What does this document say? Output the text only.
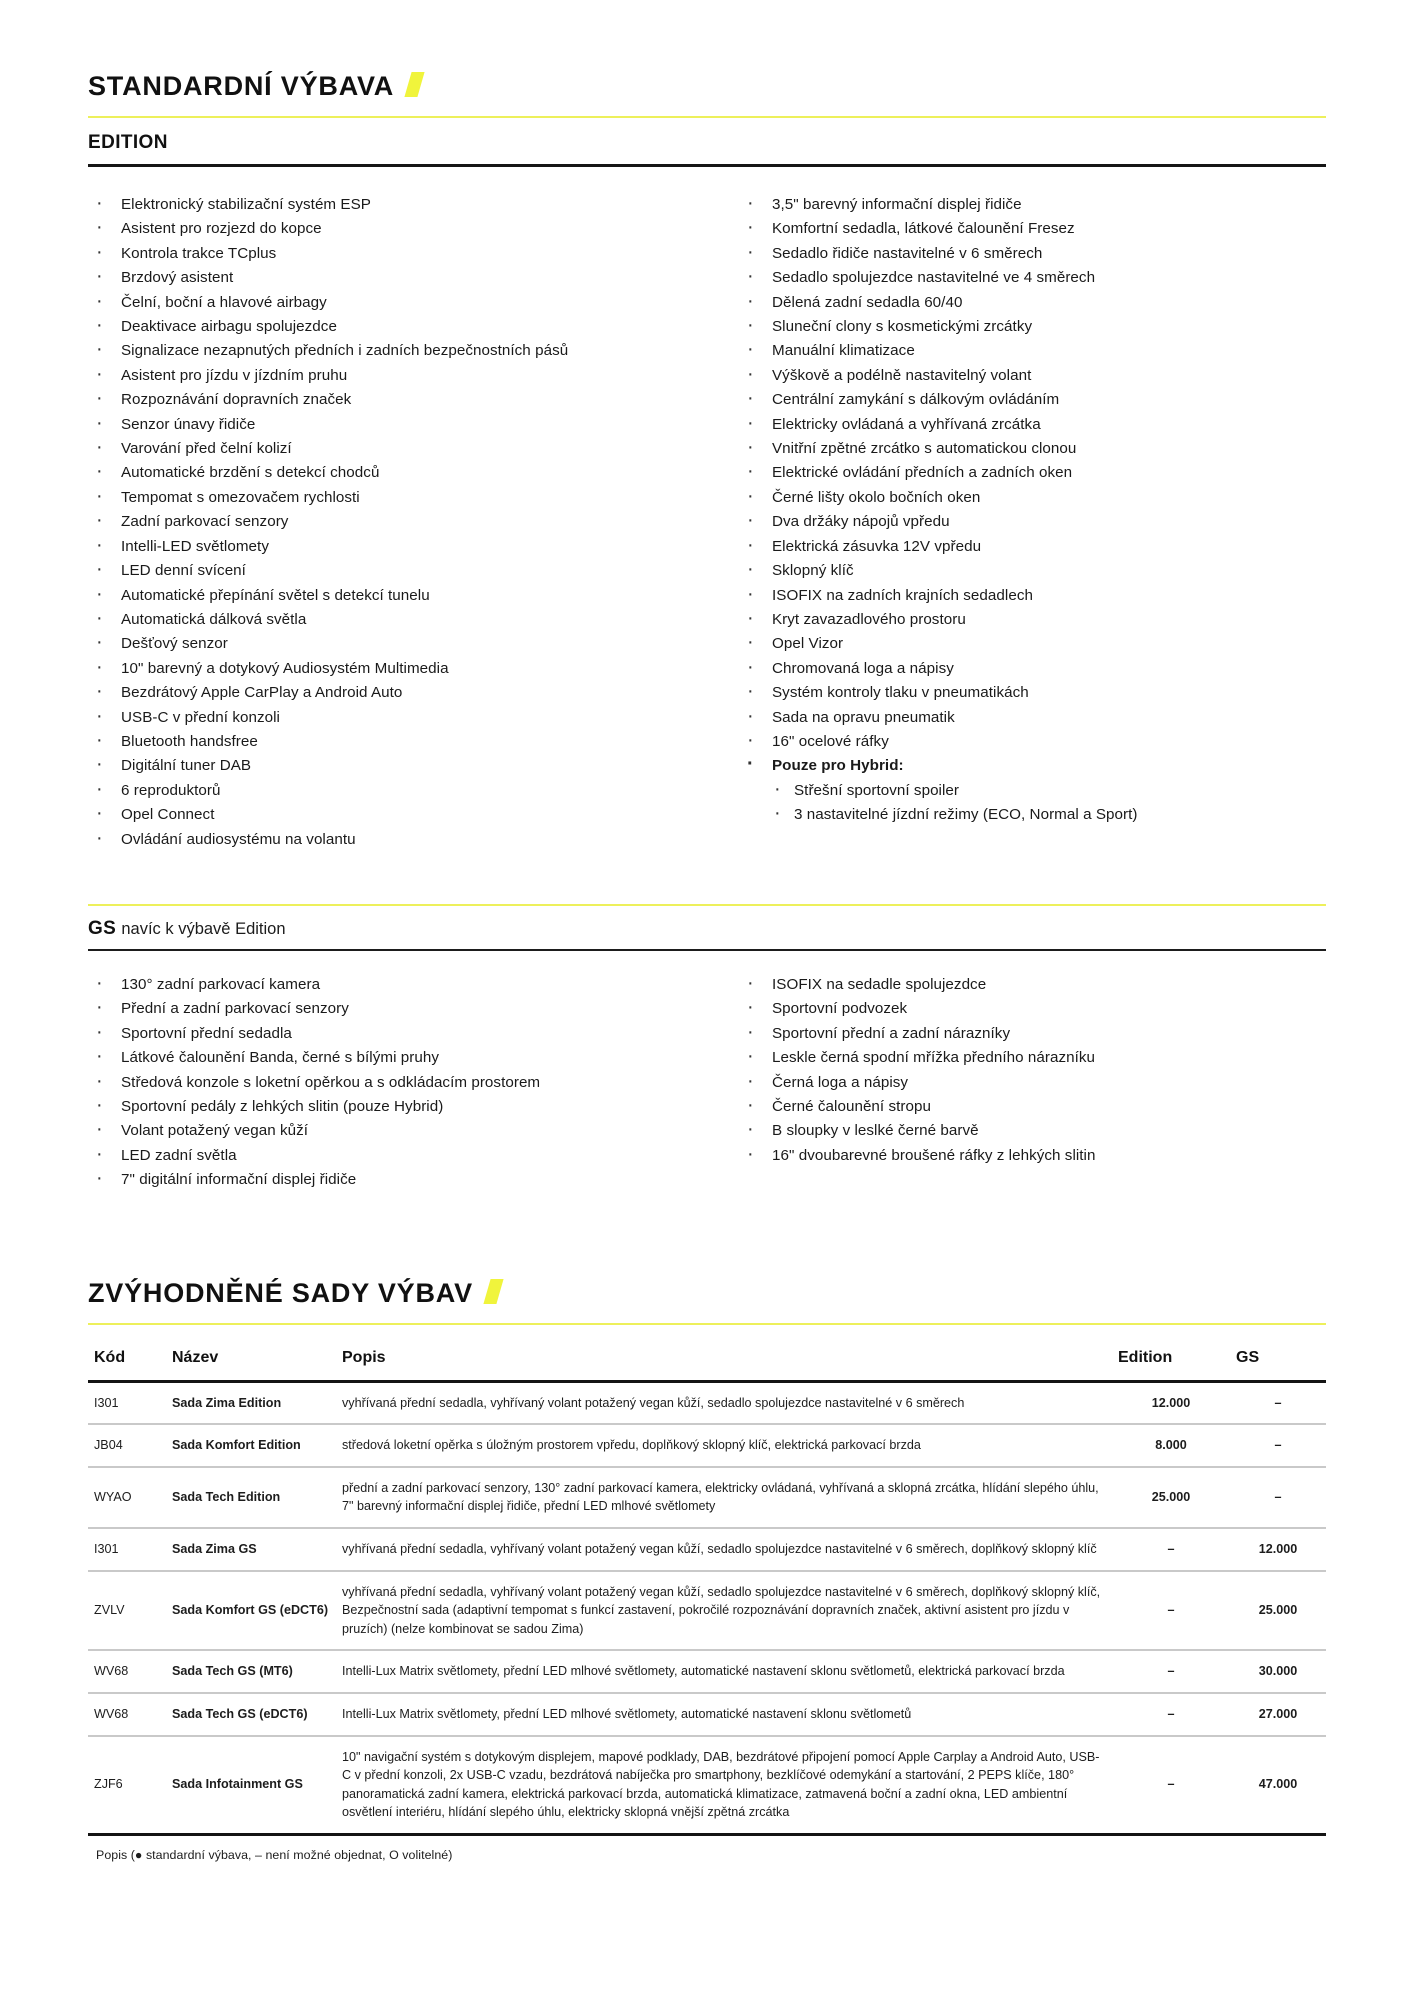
STANDARDNÍ VÝBAVA
EDITION
· Elektronický stabilizační systém ESP
· Asistent pro rozjezd do kopce
· Kontrola trakce TCplus
· Brzdový asistent
· Čelní, boční a hlavové airbagy
· Deaktivace airbagu spolujezdce
· Signalizace nezapnutých předních i zadních bezpečnostních pásů
· Asistent pro jízdu v jízdním pruhu
· Rozpoznávání dopravních značek
· Senzor únavy řidiče
· Varování před čelní kolizí
· Automatické brzdění s detekcí chodců
· Tempomat s omezovačem rychlosti
· Zadní parkovací senzory
· Intelli-LED světlomety
· LED denní svícení
· Automatické přepínání světel s detekcí tunelu
· Automatická dálková světla
· Dešťový senzor
· 10" barevný a dotykový Audiosystém Multimedia
· Bezdrátový Apple CarPlay a Android Auto
· USB-C v přední konzoli
· Bluetooth handsfree
· Digitální tuner DAB
· 6 reproduktorů
· Opel Connect
· Ovládání audiosystému na volantu
· 3,5" barevný informační displej řidiče
· Komfortní sedadla, látkové čalounění Fresez
· Sedadlo řidiče nastavitelné v 6 směrech
· Sedadlo spolujezdce nastavitelné ve 4 směrech
· Dělená zadní sedadla 60/40
· Sluneční clony s kosmetickými zrcátky
· Manuální klimatizace
· Výškově a podélně nastavitelný volant
· Centrální zamykání s dálkovým ovládáním
· Elektricky ovládaná a vyhřívaná zrcátka
· Vnitřní zpětné zrcátko s automatickou clonou
· Elektrické ovládání předních a zadních oken
· Černé lišty okolo bočních oken
· Dva držáky nápojů vpředu
· Elektrická zásuvka 12V vpředu
· Sklopný klíč
· ISOFIX na zadních krajních sedadlech
· Kryt zavazadlového prostoru
· Opel Vizor
· Chromovaná loga a nápisy
· Systém kontroly tlaku v pneumatikách
· Sada na opravu pneumatik
· 16" ocelové ráfky
· Pouze pro Hybrid:
· Střešní sportovní spoiler
· 3 nastavitelné jízdní režimy (ECO, Normal a Sport)
GS navíc k výbavě Edition
· 130° zadní parkovací kamera
· Přední a zadní parkovací senzory
· Sportovní přední sedadla
· Látkové čalounění Banda, černé s bílými pruhy
· Středová konzole s loketní opěrkou a s odkládacím prostorem
· Sportovní pedály z lehkých slitin (pouze Hybrid)
· Volant potažený vegan kůží
· LED zadní světla
· 7" digitální informační displej řidiče
· ISOFIX na sedadle spolujezdce
· Sportovní podvozek
· Sportovní přední a zadní nárazníky
· Leskle černá spodní mřížka předního nárazníku
· Černá loga a nápisy
· Černé čalounění stropu
· B sloupky v leslké černé barvě
· 16" dvoubarevné broušené ráfky z lehkých slitin
ZVÝHODNĚNÉ SADY VÝBAV
Kód	Název	Popis	Edition	GS
I301	Sada Zima Edition	vyhřívaná přední sedadla, vyhřívaný volant potažený vegan kůží, sedadlo spolujezdce nastavitelné v 6 směrech	12.000	–
JB04	Sada Komfort Edition	středová loketní opěrka s úložným prostorem vpředu, doplňkový sklopný klíč, elektrická parkovací brzda	8.000	–
WYAO	Sada Tech Edition	přední a zadní parkovací senzory, 130° zadní parkovací kamera, elektricky ovládaná, vyhřívaná a sklopná zrcátka, hlídání slepého úhlu, 7" barevný informační displej řidiče, přední LED mlhové světlomety	25.000	–
I301	Sada Zima GS	vyhřívaná přední sedadla, vyhřívaný volant potažený vegan kůží, sedadlo spolujezdce nastavitelné v 6 směrech, doplňkový sklopný klíč	–	12.000
ZVLV	Sada Komfort GS (eDCT6)	vyhřívaná přední sedadla, vyhřívaný volant potažený vegan kůží, sedadlo spolujezdce nastavitelné v 6 směrech, doplňkový sklopný klíč, Bezpečnostní sada (adaptivní tempomat s funkcí zastavení, pokročilé rozpoznávání dopravních značek, aktivní asistent pro jízdu v pruzích) (nelze kombinovat se sadou Zima)	–	25.000
WV68	Sada Tech GS (MT6)	Intelli-Lux Matrix světlomety, přední LED mlhové světlomety, automatické nastavení sklonu světlometů, elektrická parkovací brzda	–	30.000
WV68	Sada Tech GS (eDCT6)	Intelli-Lux Matrix světlomety, přední LED mlhové světlomety, automatické nastavení sklonu světlometů	–	27.000
ZJF6	Sada Infotainment GS	10" navigační systém s dotykovým displejem, mapové podklady, DAB, bezdrátové připojení pomocí Apple Carplay a Android Auto, USB-C v přední konzoli, 2x USB-C vzadu, bezdrátová nabíječka pro smartphony, bezklíčové odemykání a startování, 2 PEPS klíče, 180° panoramatická zadní kamera, elektrická parkovací brzda, automatická klimatizace, zatmavená boční a zadní okna, LED ambientní osvětlení interiéru, hlídání slepého úhlu, elektricky sklopná vnější zpětná zrcátka	–	47.000
Popis (● standardní výbava, – není možné objednat, O volitelné)
